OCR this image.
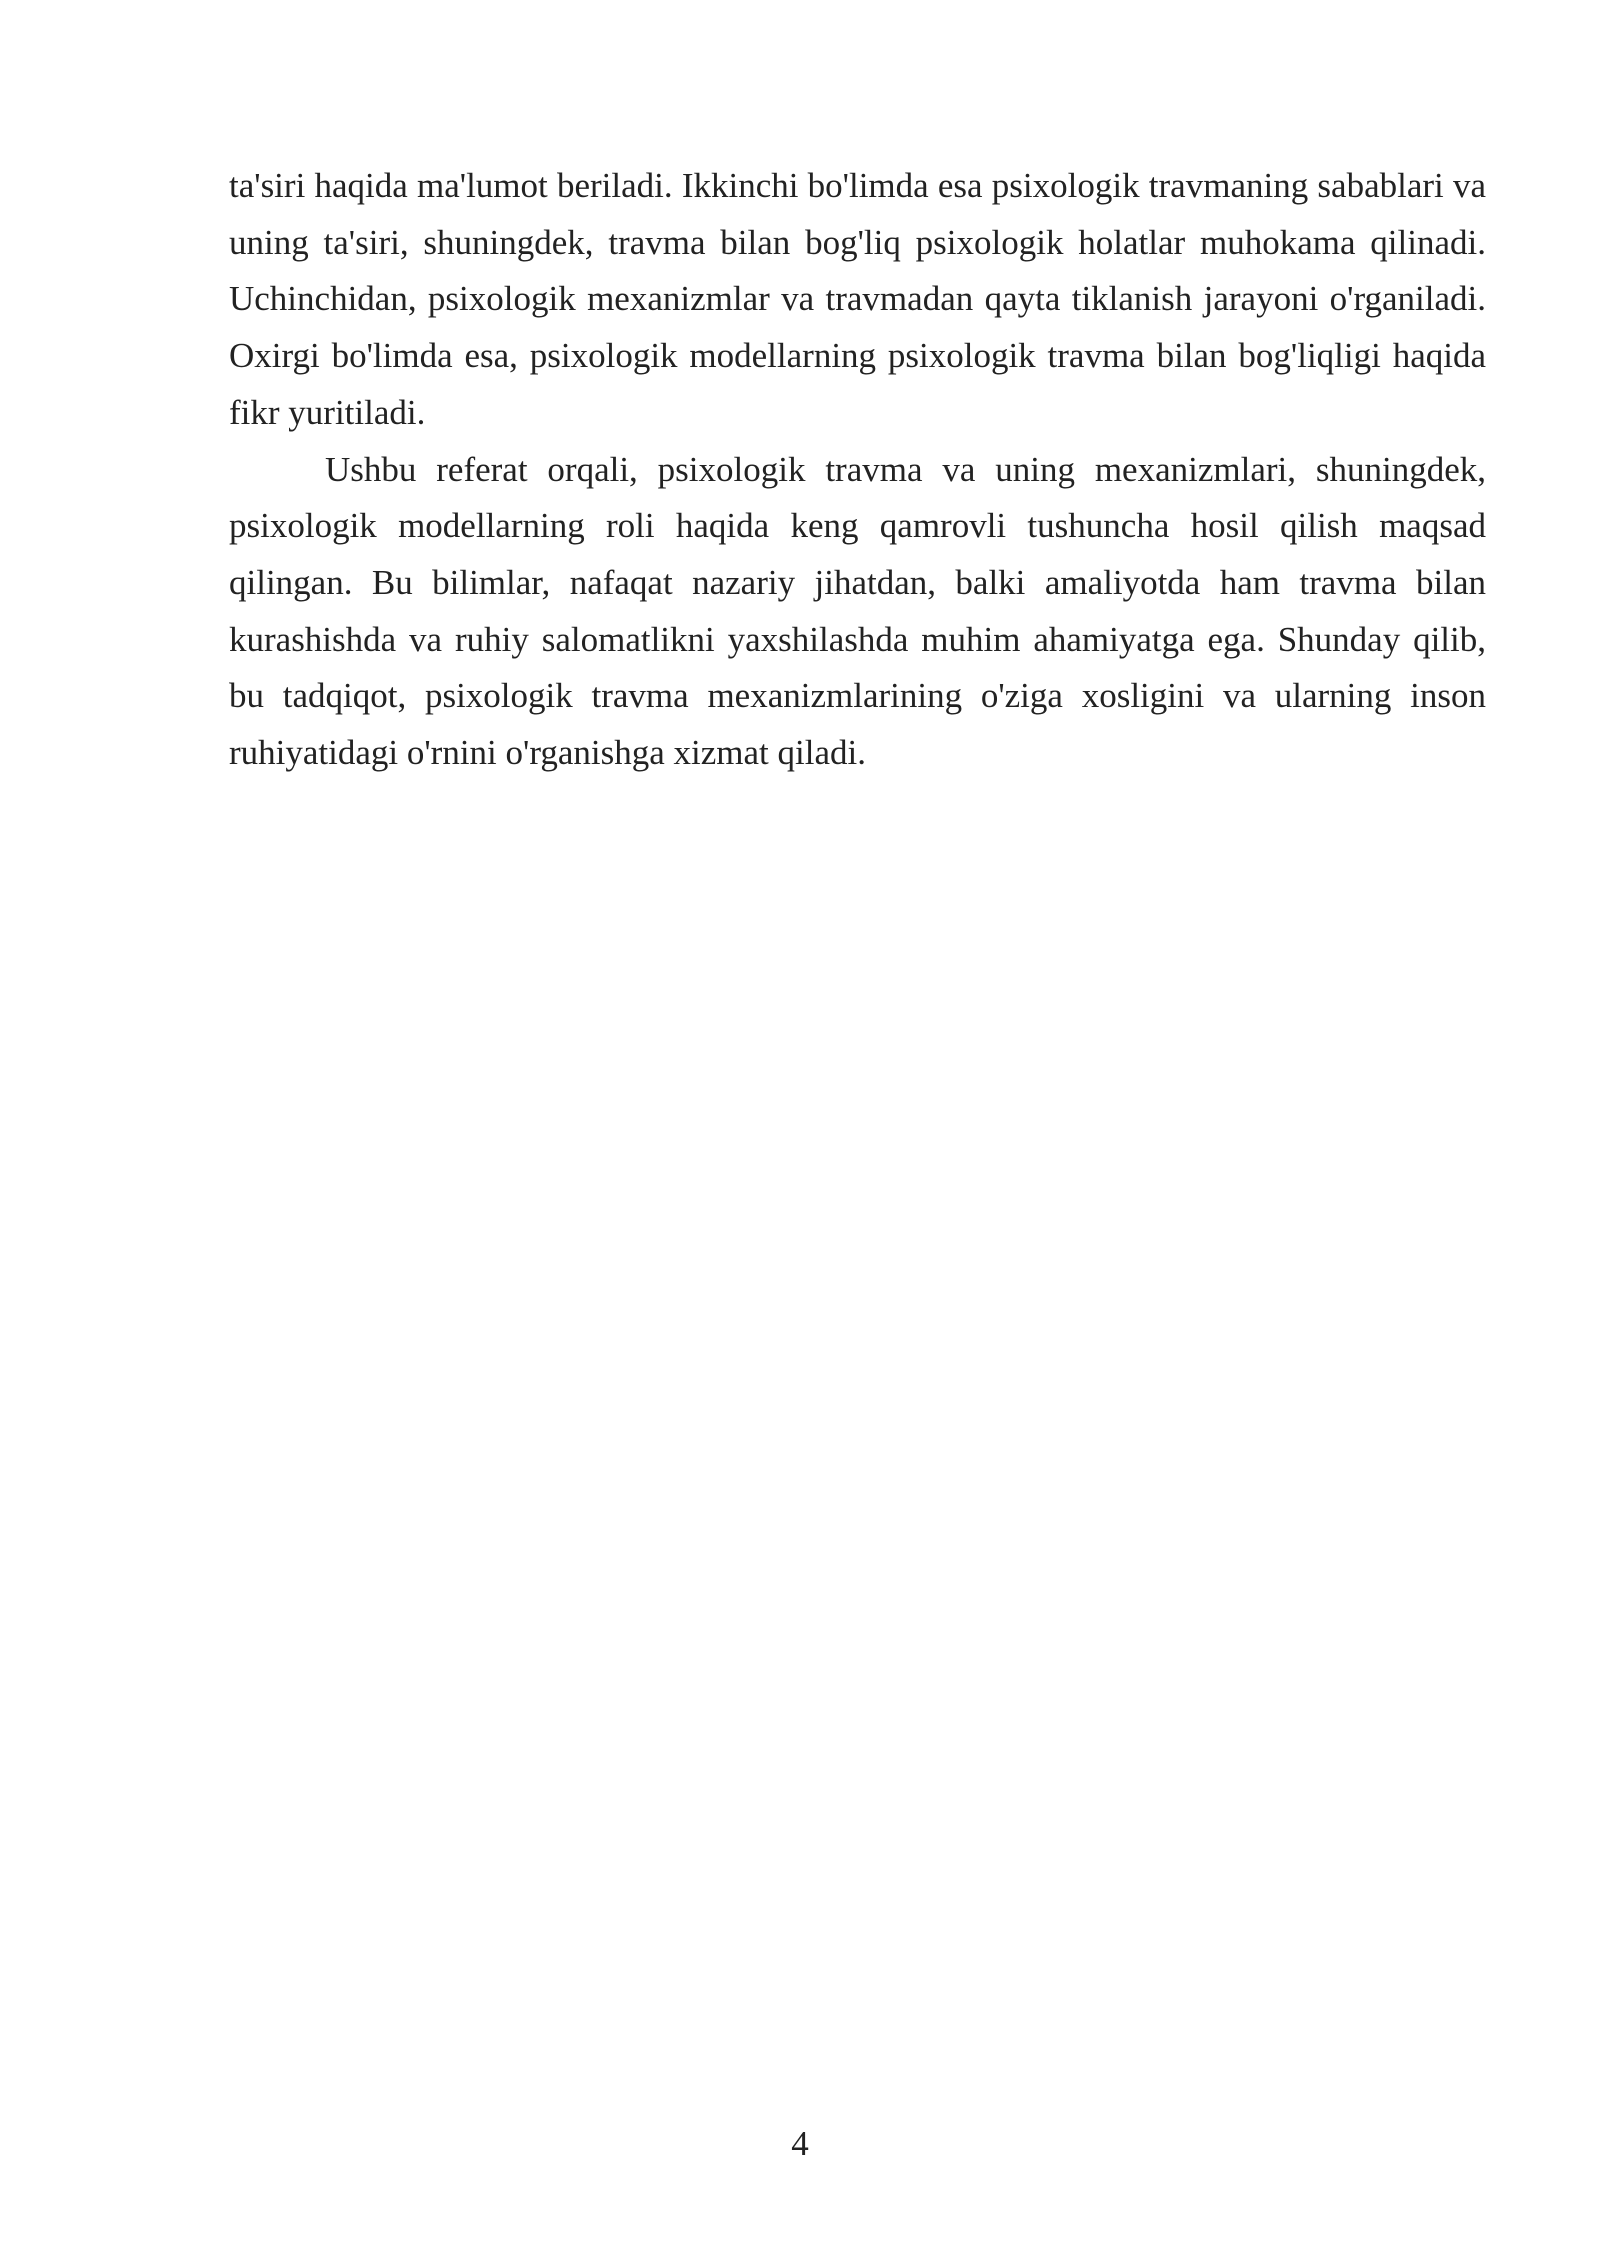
ta'siri haqida ma'lumot beriladi. Ikkinchi bo'limda esa psixologik travmaning sabablari va uning ta'siri, shuningdek, travma bilan bog'liq psixologik holatlar muhokama qilinadi. Uchinchidan, psixologik mexanizmlar va travmadan qayta tiklanish jarayoni o'rganiladi. Oxirgi bo'limda esa, psixologik modellarning psixologik travma bilan bog'liqligi haqida fikr yuritiladi.

Ushbu referat orqali, psixologik travma va uning mexanizmlari, shuningdek, psixologik modellarning roli haqida keng qamrovli tushuncha hosil qilish maqsad qilingan. Bu bilimlar, nafaqat nazariy jihatdan, balki amaliyotda ham travma bilan kurashishda va ruhiy salomatlikni yaxshilashda muhim ahamiyatga ega. Shunday qilib, bu tadqiqot, psixologik travma mexanizmlarining o'ziga xosligini va ularning inson ruhiyatidagi o'rnini o'rganishga xizmat qiladi.

4
